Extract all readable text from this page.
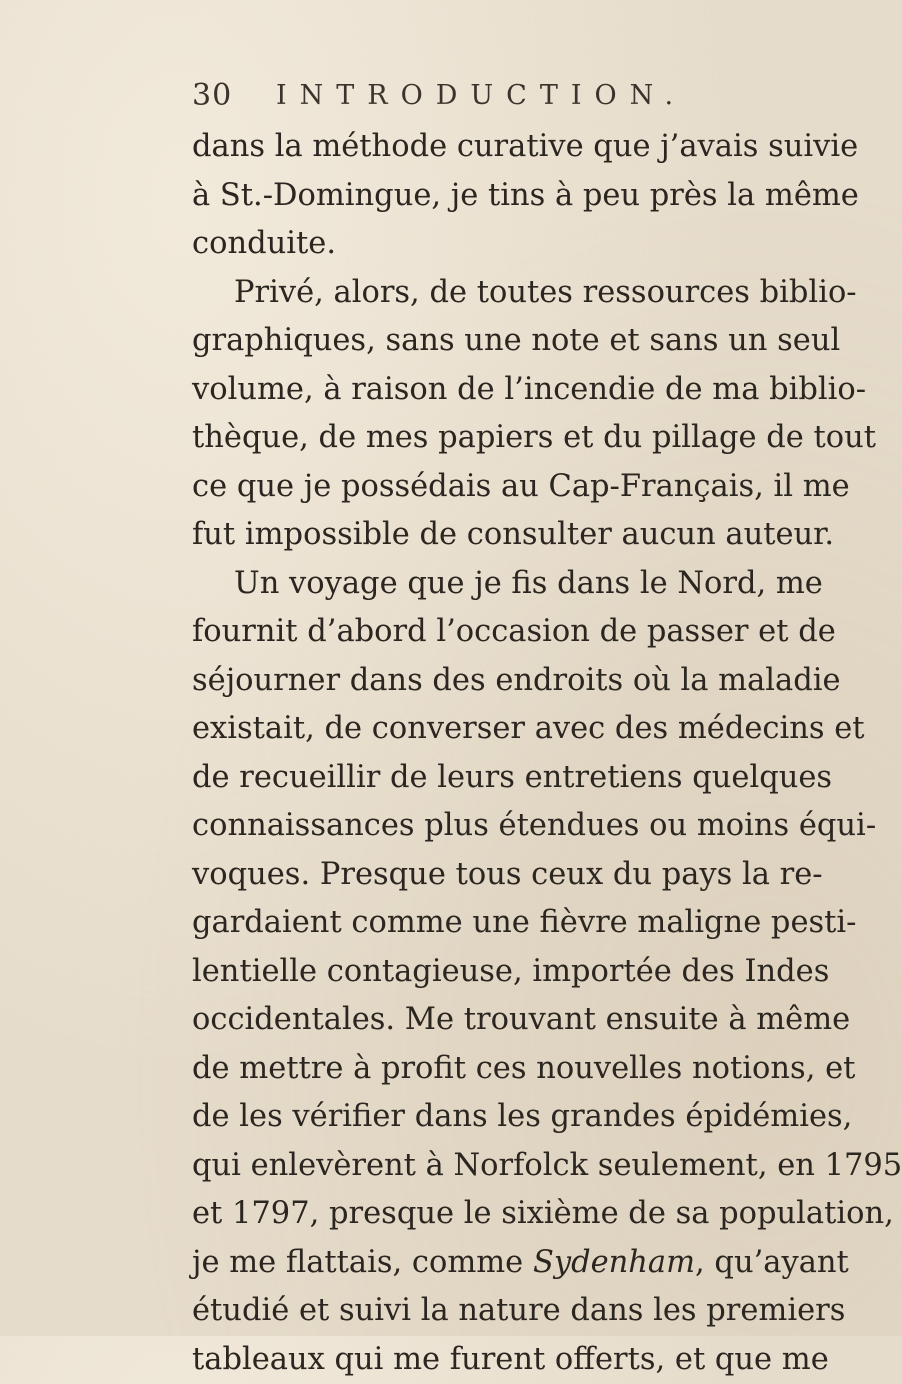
30 INTRODUCTION.
dans la méthode curative que j’avais suivie
à St.-Domingue, je tins à peu près la même
conduite.
Privé, alors, de toutes ressources biblio-
graphiques, sans une note et sans un seul
volume, à raison de l’incendie de ma biblio-
thèque, de mes papiers et du pillage de tout
ce que je possédais au Cap-Français, il me
fut impossible de consulter aucun auteur.
Un voyage que je fis dans le Nord, me
fournit d’abord l’occasion de passer et de
séjourner dans des endroits où la maladie
existait, de converser avec des médecins et
de recueillir de leurs entretiens quelques
connaissances plus étendues ou moins équi-
voques. Presque tous ceux du pays la re-
gardaient comme une fièvre maligne pesti-
lentielle contagieuse, importée des Indes
occidentales. Me trouvant ensuite à même
de mettre à profit ces nouvelles notions, et
de les vérifier dans les grandes épidémies,
qui enlevèrent à Norfolck seulement, en 1795
et 1797, presque le sixième de sa population,
je me flattais, comme Sydenham, qu’ayant
étudié et suivi la nature dans les premiers
tableaux qui me furent offerts, et que me
